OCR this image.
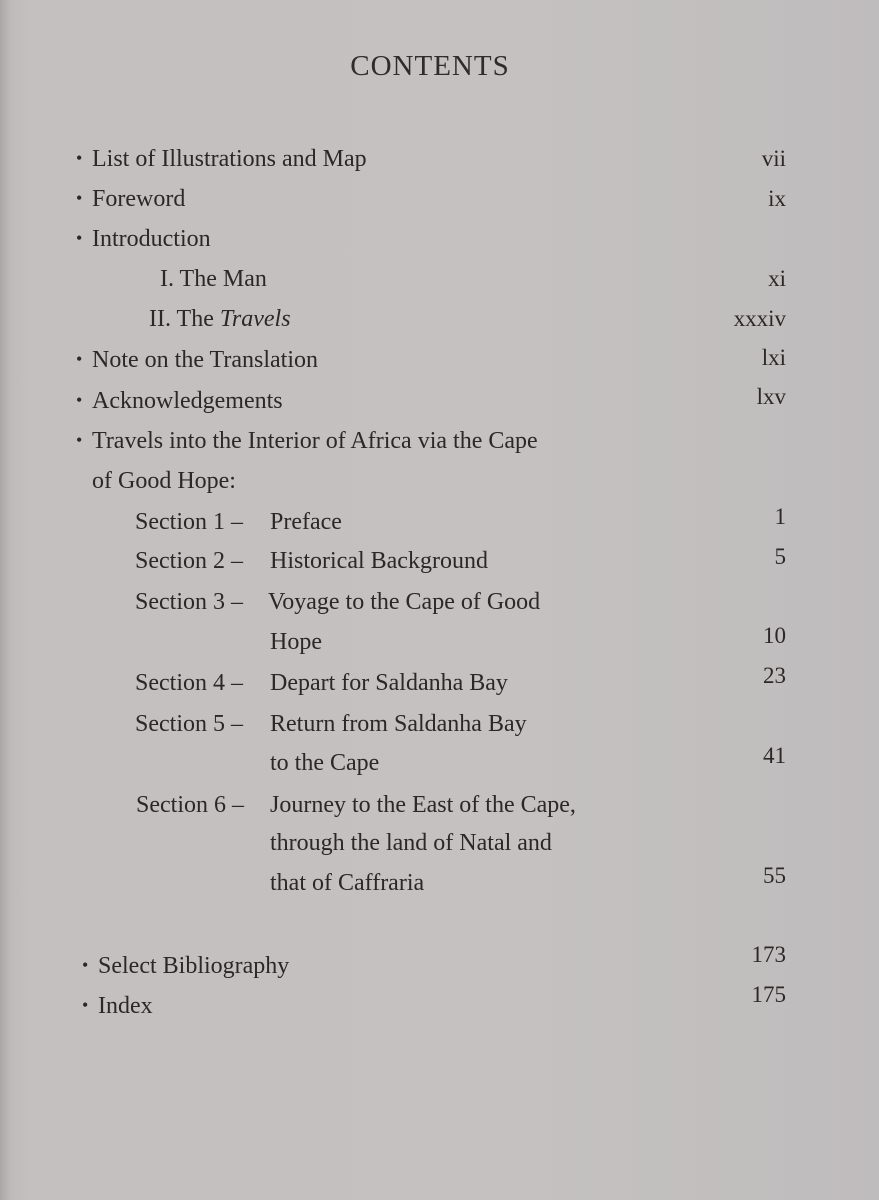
CONTENTS
• List of Illustrations and Map	vii
• Foreword	ix
• Introduction
I. The Man	xi
II. The Travels	xxxiv
• Note on the Translation	lxi
• Acknowledgements	lxv
• Travels into the Interior of Africa via the Cape
of Good Hope:
Section 1 – Preface	1
Section 2 – Historical Background	5
Section 3 – Voyage to the Cape of Good
Hope	10
Section 4 – Depart for Saldanha Bay	23
Section 5 – Return from Saldanha Bay
to the Cape	41
Section 6 – Journey to the East of the Cape,
through the land of Natal and
that of Caffraria	55
• Select Bibliography	173
• Index	175
